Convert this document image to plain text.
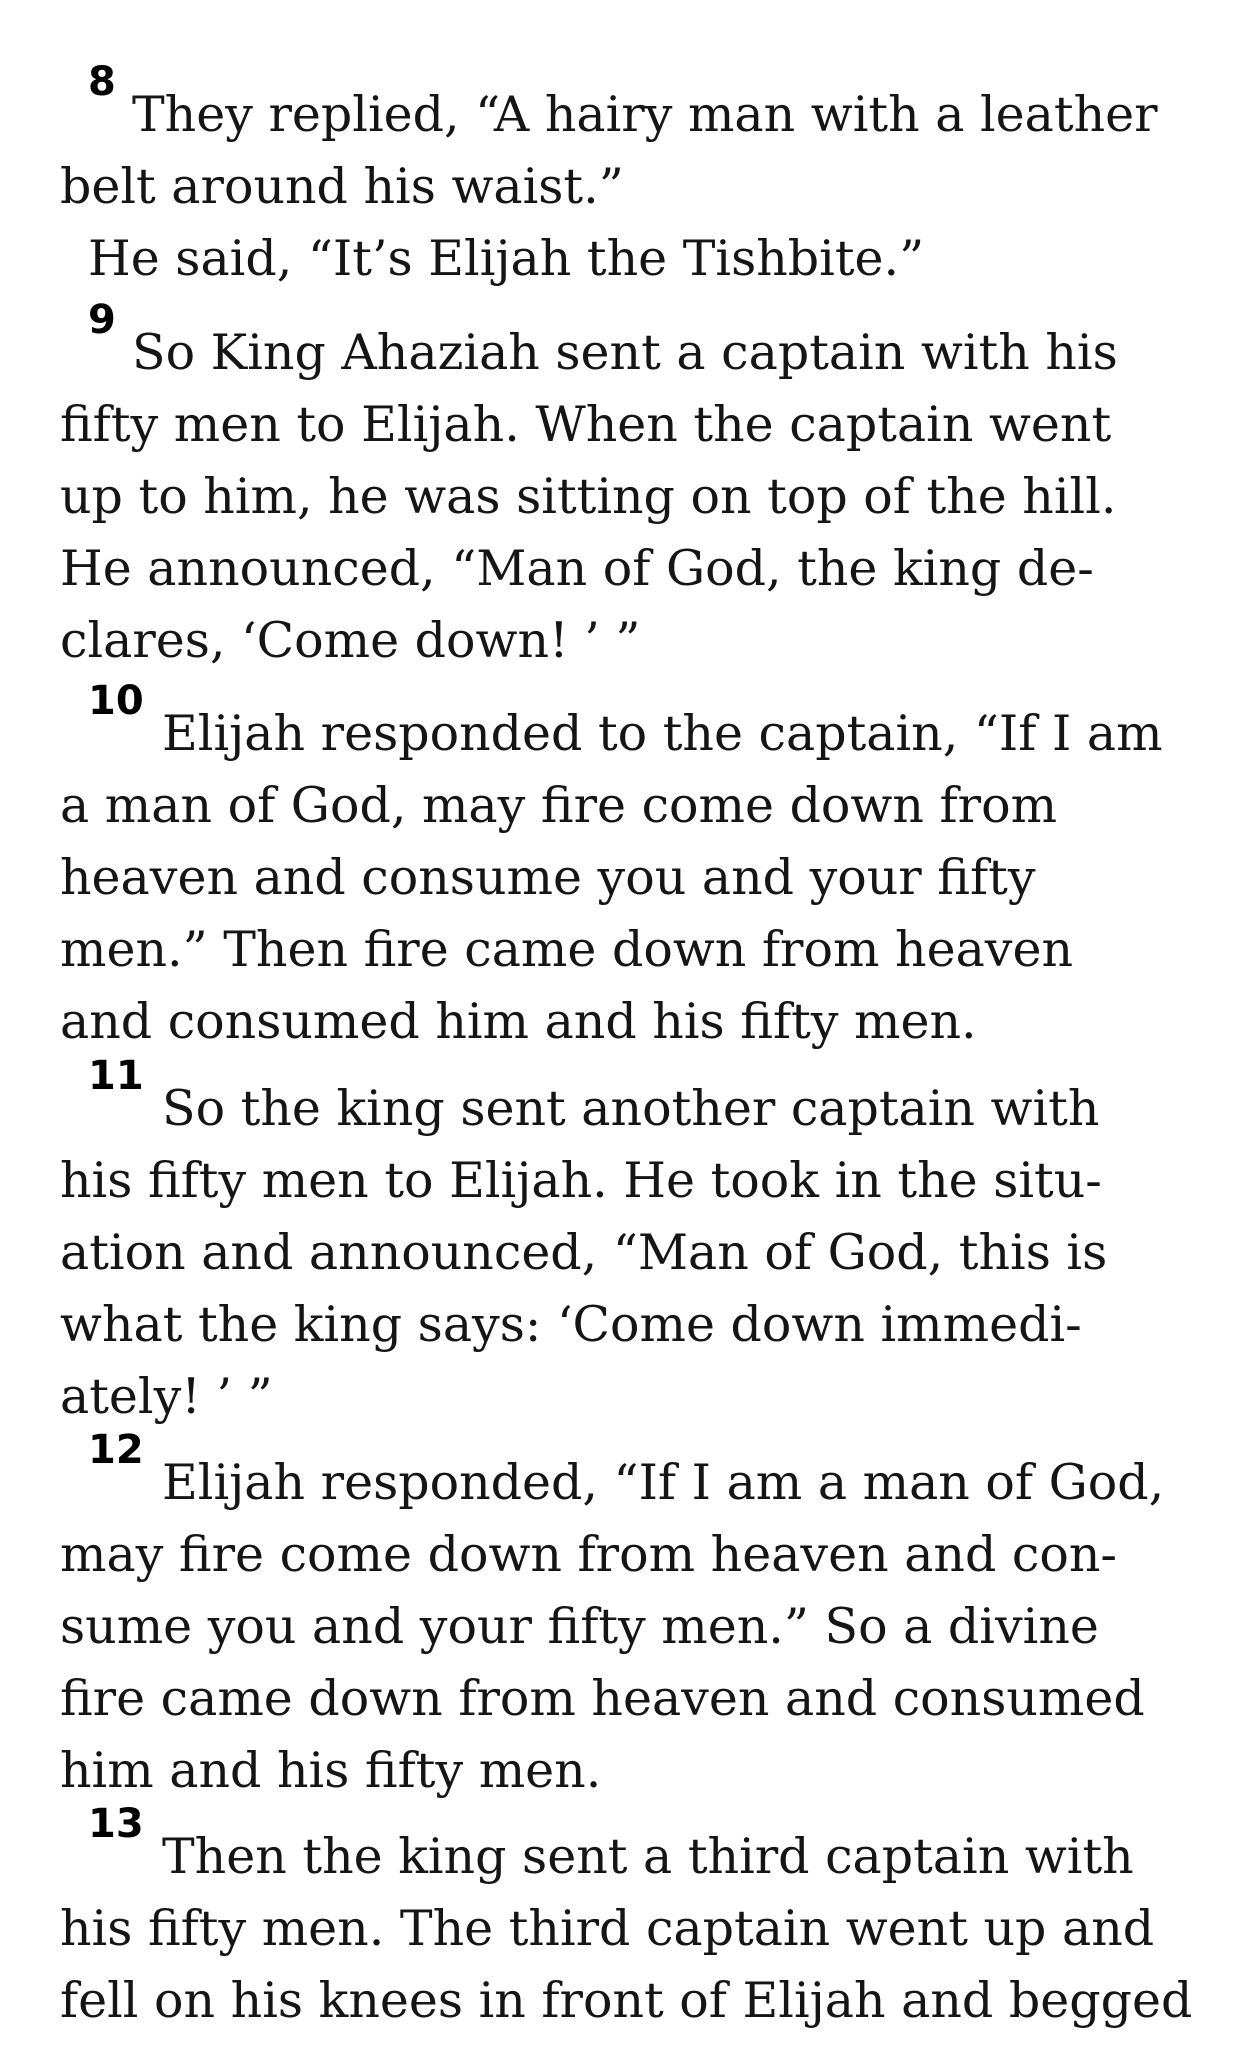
8

They replied, “A hairy man with a leather

belt around his waist.”

He said, “It’s Elijah the Tishbite.”

9

So King Ahaziah sent a captain with his

fifty men to Elijah. When the captain went

up to him, he was sitting on top of the hill.

He announced, “Man of God, the king de-

clares, ‘Come down! ’ ”

10

Elijah responded to the captain, “If I am

a man of God, may fire come down from

heaven and consume you and your fifty

men.” Then fire came down from heaven

and consumed him and his fifty men.

11

So the king sent another captain with

his fifty men to Elijah. He took in the situ-

ation and announced, “Man of God, this is

what the king says: ‘Come down immedi-

ately! ’ ”

12

Elijah responded, “If I am a man of God,

may fire come down from heaven and con-

sume you and your fifty men.” So a divine

fire came down from heaven and consumed

him and his fifty men.

13

Then the king sent a third captain with

his fifty men. The third captain went up and

fell on his knees in front of Elijah and begged
